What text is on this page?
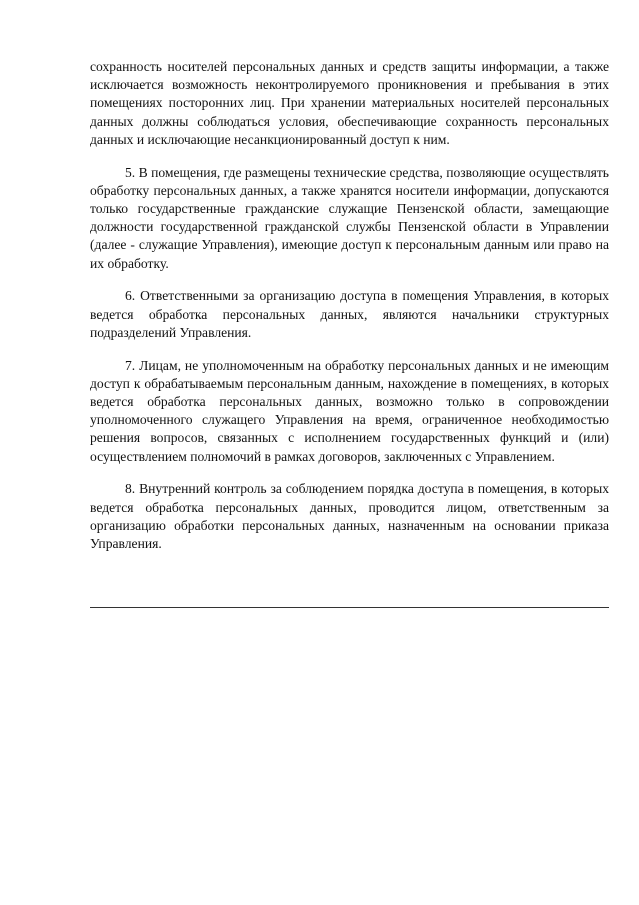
сохранность носителей персональных данных и средств защиты информации, а также исключается возможность неконтролируемого проникновения и пребывания в этих помещениях посторонних лиц. При хранении материальных носителей персональных данных должны соблюдаться условия, обеспечивающие сохранность персональных данных и исключающие несанкционированный доступ к ним.

5. В помещения, где размещены технические средства, позволяющие осуществлять обработку персональных данных, а также хранятся носители информации, допускаются только государственные гражданские служащие Пензенской области, замещающие должности государственной гражданской службы Пензенской области в Управлении (далее - служащие Управления), имеющие доступ к персональным данным или право на их обработку.

6. Ответственными за организацию доступа в помещения Управления, в которых ведется обработка персональных данных, являются начальники структурных подразделений Управления.

7. Лицам, не уполномоченным на обработку персональных данных и не имеющим доступ к обрабатываемым персональным данным, нахождение в помещениях, в которых ведется обработка персональных данных, возможно только в сопровождении уполномоченного служащего Управления на время, ограниченное необходимостью решения вопросов, связанных с исполнением государственных функций и (или) осуществлением полномочий в рамках договоров, заключенных с Управлением.

8. Внутренний контроль за соблюдением порядка доступа в помещения, в которых ведется обработка персональных данных, проводится лицом, ответственным за организацию обработки персональных данных, назначенным на основании приказа Управления.
